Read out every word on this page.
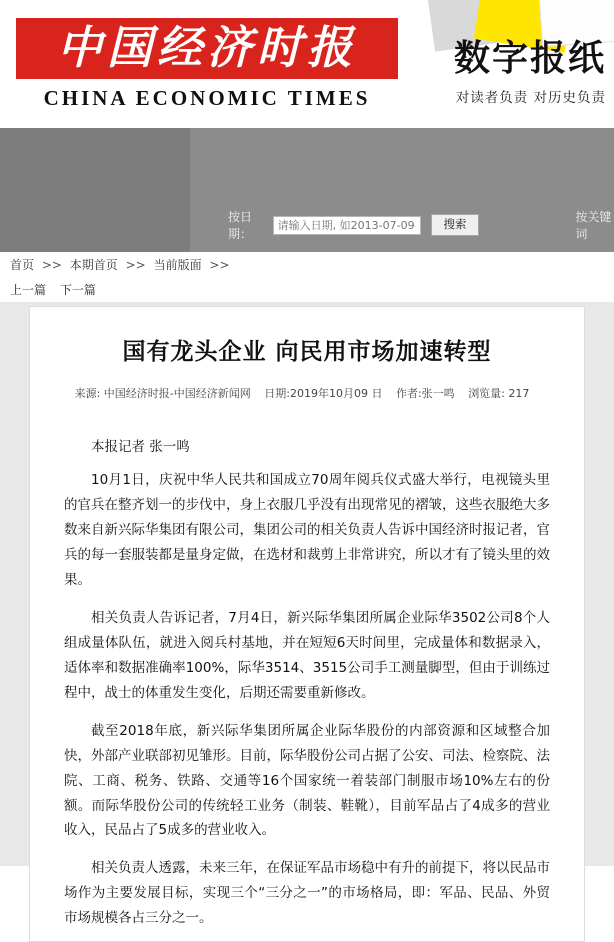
中国经济时报
CHINA ECONOMIC TIMES
数字报纸
对读者负责 对历史负责
按日期：
请输入日期, 如2013-07-09
搜索	按关键词
首页 >> 本期首页 >> 当前版面 >>
上一篇 下一篇
国有龙头企业 向民用市场加速转型
来源: 中国经济时报-中国经济新闻网 日期:2019年10月09 日 作者:张一鸣 浏览量: 217
本报记者 张一鸣
10月1日，庆祝中华人民共和国成立70周年阅兵仪式盛大举行，电视镜头里的官兵在整齐划一的步伐中，身上衣服几乎没有出现常见的褶皱，这些衣服绝大多数来自新兴际华集团有限公司，集团公司的相关负责人告诉中国经济时报记者，官兵的每一套服装都是量身定做，在选材和裁剪上非常讲究，所以才有了镜头里的效果。
相关负责人告诉记者，7月4日，新兴际华集团所属企业际华3502公司8个人组成量体队伍，就进入阅兵村基地，并在短短6天时间里，完成量体和数据录入，适体率和数据准确率100%，际华3514、3515公司手工测量脚型，但由于训练过程中，战士的体重发生变化，后期还需要重新修改。
截至2018年底，新兴际华集团所属企业际华股份的内部资源和区域整合加快，外部产业联部初见雏形。目前，际华股份公司占据了公安、司法、检察院、法院、工商、税务、铁路、交通等16个国家统一着装部门制服市场10%左右的份额。而际华股份公司的传统轻工业务（制装、鞋靴），目前军品占了4成多的营业收入，民品占了5成多的营业收入。
相关负责人透露，未来三年，在保证军品市场稳中有升的前提下，将以民品市场作为主要发展目标，实现三个“三分之一”的市场格局，即：军品、民品、外贸市场规模各占三分之一。
